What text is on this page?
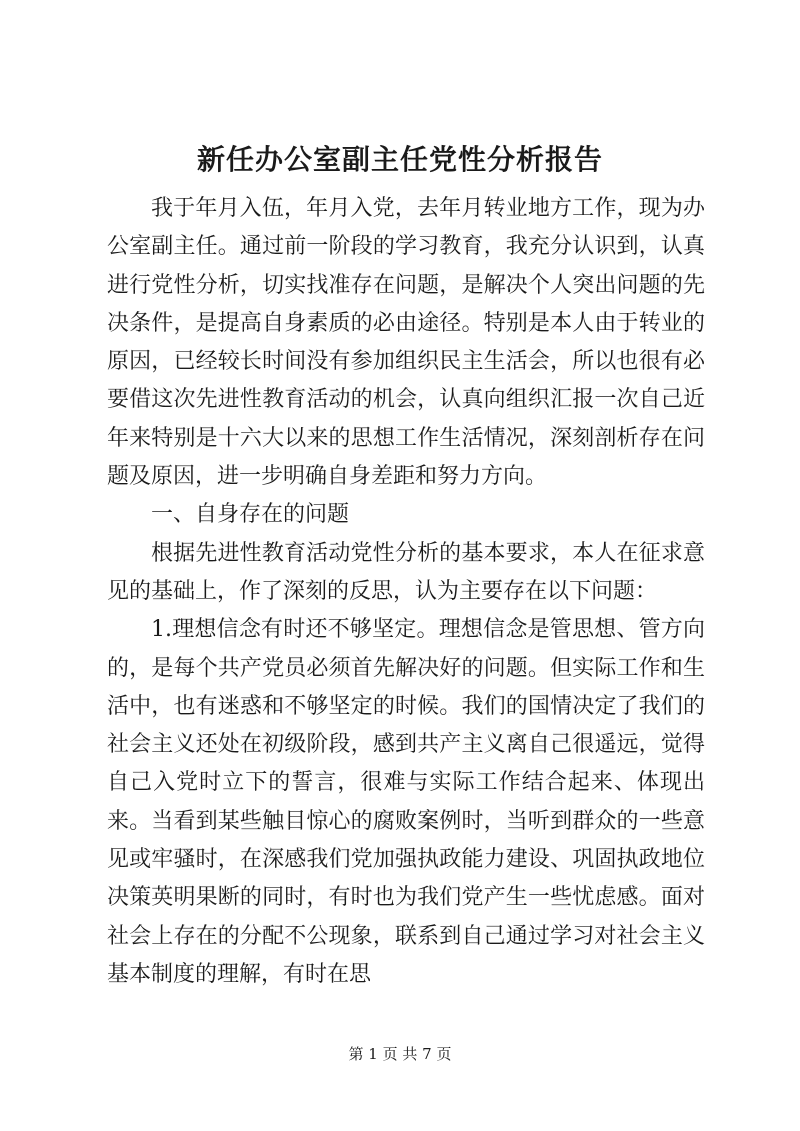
新任办公室副主任党性分析报告

我于年月入伍，年月入党，去年月转业地方工作，现为办公室副主任。通过前一阶段的学习教育，我充分认识到，认真进行党性分析，切实找准存在问题，是解决个人突出问题的先决条件，是提高自身素质的必由途径。特别是本人由于转业的原因，已经较长时间没有参加组织民主生活会，所以也很有必要借这次先进性教育活动的机会，认真向组织汇报一次自己近年来特别是十六大以来的思想工作生活情况，深刻剖析存在问题及原因，进一步明确自身差距和努力方向。

一、自身存在的问题

根据先进性教育活动党性分析的基本要求，本人在征求意见的基础上，作了深刻的反思，认为主要存在以下问题：

1.理想信念有时还不够坚定。理想信念是管思想、管方向的，是每个共产党员必须首先解决好的问题。但实际工作和生活中，也有迷惑和不够坚定的时候。我们的国情决定了我们的社会主义还处在初级阶段，感到共产主义离自己很遥远，觉得自己入党时立下的誓言，很难与实际工作结合起来、体现出来。当看到某些触目惊心的腐败案例时，当听到群众的一些意见或牢骚时，在深感我们党加强执政能力建设、巩固执政地位决策英明果断的同时，有时也为我们党产生一些忧虑感。面对社会上存在的分配不公现象，联系到自己通过学习对社会主义基本制度的理解，有时在思

第 1 页 共 7 页
